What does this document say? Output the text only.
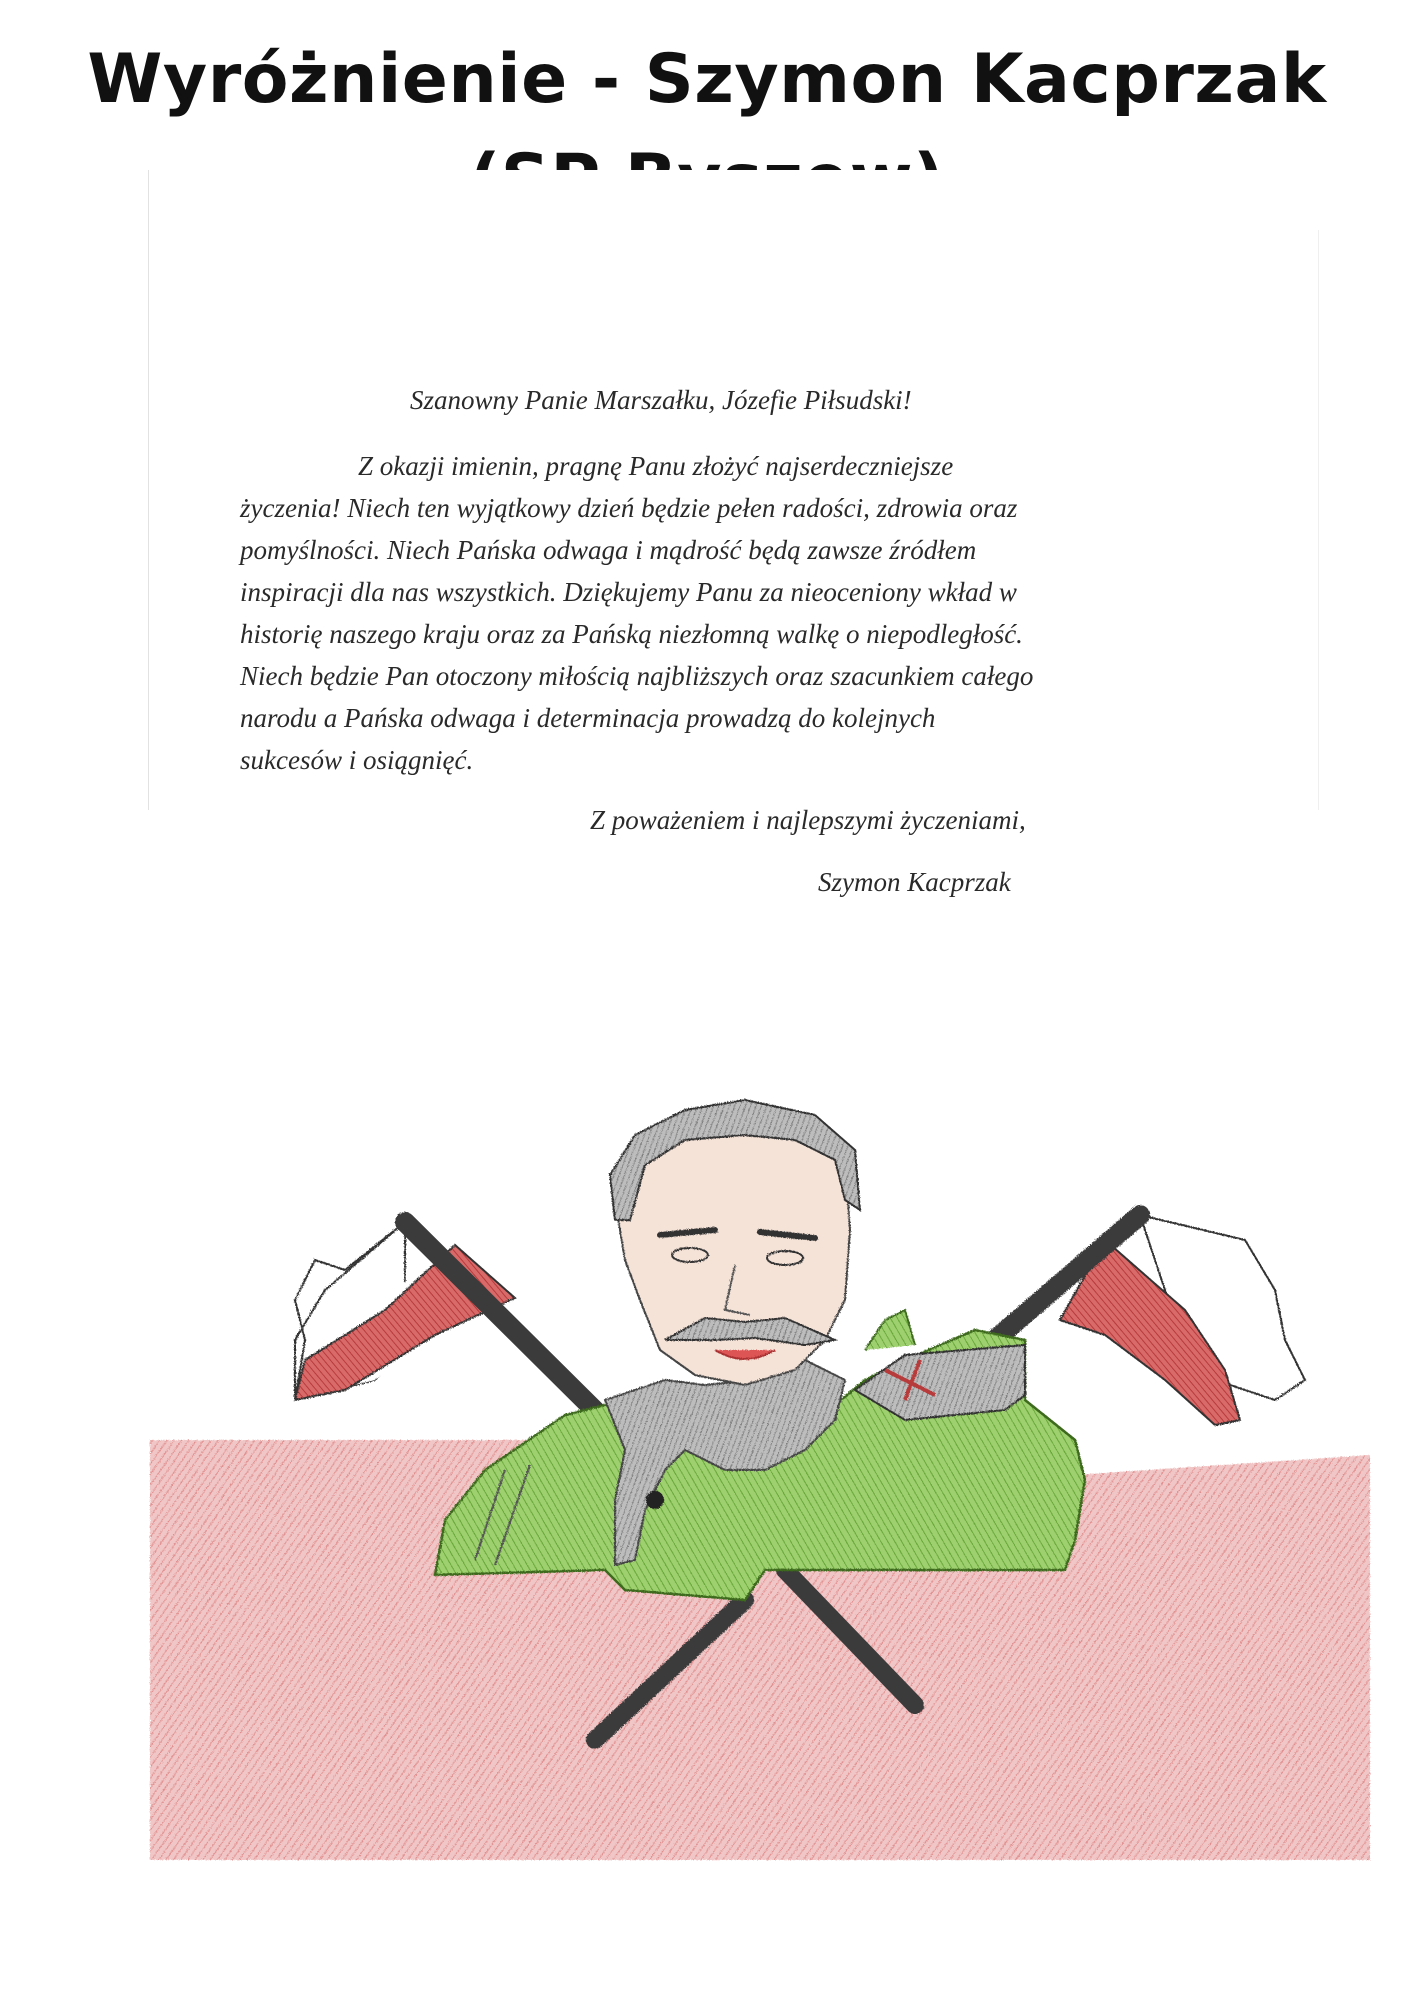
Wyróżnienie - Szymon Kacprzak
Szanowny Panie Marszałku, Józefie Piłsudski!
Z okazji imienin, pragnę Panu złożyć najserdeczniejsze
życzenia! Niech ten wyjątkowy dzień będzie pełen radości, zdrowia oraz
pomyślności. Niech Pańska odwaga i mądrość będą zawsze źródłem
inspiracji dla nas wszystkich. Dziękujemy Panu za nieoceniony wkład w
historię naszego kraju oraz za Pańską niezłomną walkę o niepodległość.
Niech będzie Pan otoczony miłością najbliższych oraz szacunkiem całego
narodu a Pańska odwaga i determinacja prowadzą do kolejnych
sukcesów i osiągnięć.
Z poważeniem i najlepszymi życzeniami,
Szymon Kacprzak
